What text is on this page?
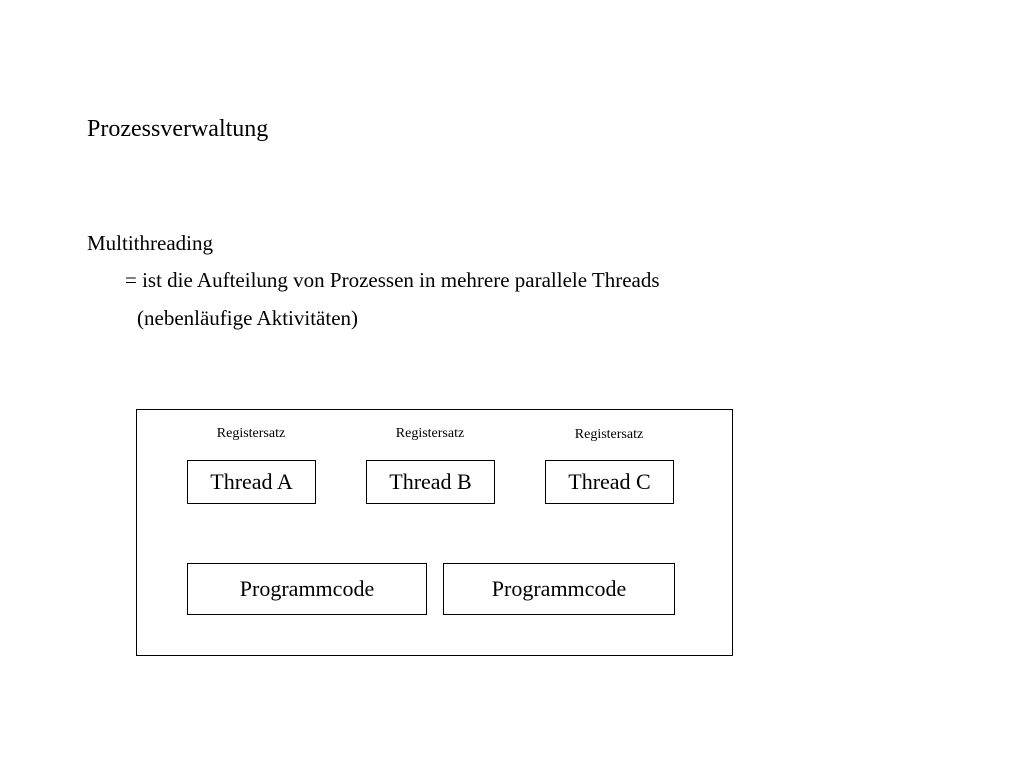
Prozessverwaltung
Multithreading
= ist die Aufteilung von Prozessen in mehrere parallele Threads
(nebenläufige Aktivitäten)
Registersatz	Registersatz	Registersatz
Thread A	Thread B	Thread C
Programmcode	Programmcode
